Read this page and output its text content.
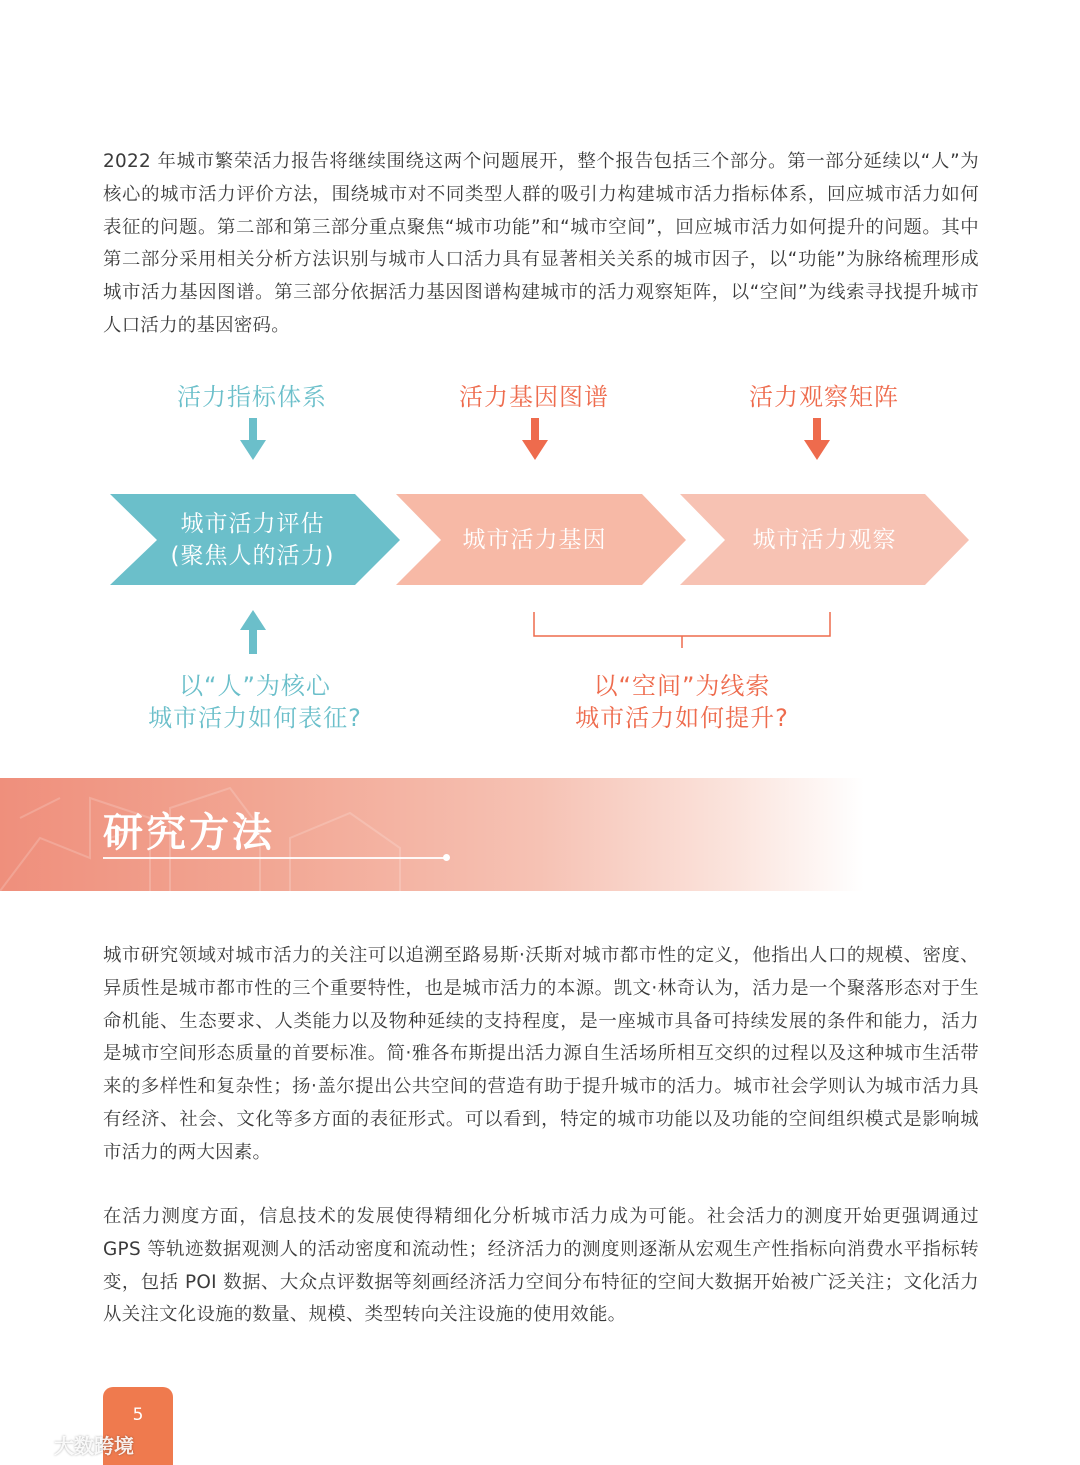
2022 年城市繁荣活力报告将继续围绕这两个问题展开，整个报告包括三个部分。第一部分延续以“人”为核心的城市活力评价方法，围绕城市对不同类型人群的吸引力构建城市活力指标体系，回应城市活力如何表征的问题。第二部和第三部分重点聚焦“城市功能”和“城市空间”，回应城市活力如何提升的问题。其中第二部分采用相关分析方法识别与城市人口活力具有显著相关关系的城市因子，以“功能”为脉络梳理形成城市活力基因图谱。第三部分依据活力基因图谱构建城市的活力观察矩阵，以“空间”为线索寻找提升城市人口活力的基因密码。

活力指标体系	活力基因图谱	活力观察矩阵
城市活力评估
(聚焦人的活力)
城市活力基因	城市活力观察
以“人”为核心
城市活力如何表征?
以“空间”为线索
城市活力如何提升?
研究方法

城市研究领域对城市活力的关注可以追溯至路易斯·沃斯对城市都市性的定义，他指出人口的规模、密度、异质性是城市都市性的三个重要特性，也是城市活力的本源。凯文·林奇认为，活力是一个聚落形态对于生命机能、生态要求、人类能力以及物种延续的支持程度，是一座城市具备可持续发展的条件和能力，活力是城市空间形态质量的首要标准。简·雅各布斯提出活力源自生活场所相互交织的过程以及这种城市生活带来的多样性和复杂性；扬·盖尔提出公共空间的营造有助于提升城市的活力。城市社会学则认为城市活力具有经济、社会、文化等多方面的表征形式。可以看到，特定的城市功能以及功能的空间组织模式是影响城市活力的两大因素。

在活力测度方面，信息技术的发展使得精细化分析城市活力成为可能。社会活力的测度开始更强调通过 GPS 等轨迹数据观测人的活动密度和流动性；经济活力的测度则逐渐从宏观生产性指标向消费水平指标转变，包括 POI 数据、大众点评数据等刻画经济活力空间分布特征的空间大数据开始被广泛关注；文化活力从关注文化设施的数量、规模、类型转向关注设施的使用效能。

5
大数跨境
